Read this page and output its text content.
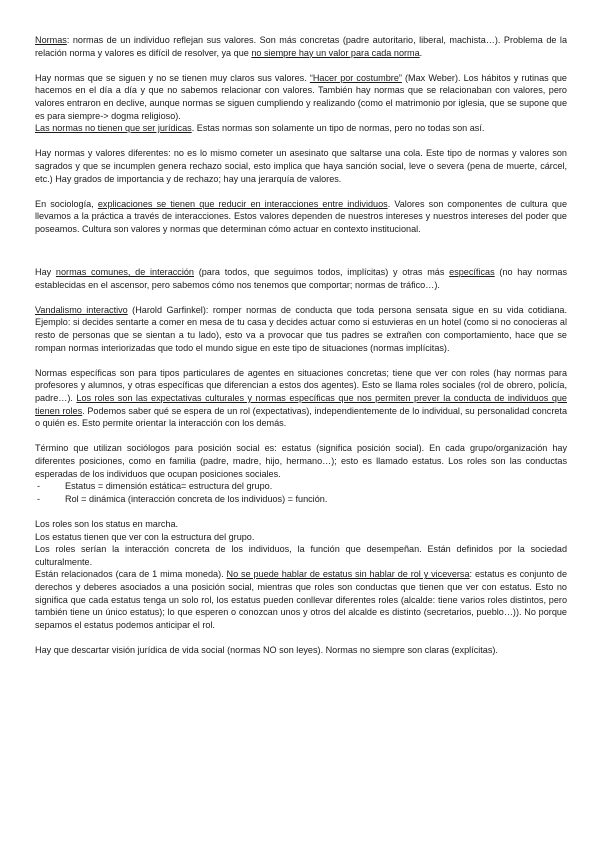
Normas: normas de un individuo reflejan sus valores. Son más concretas (padre autoritario, liberal, machista…). Problema de la relación norma y valores es difícil de resolver, ya que no siempre hay un valor para cada norma.

Hay normas que se siguen y no se tienen muy claros sus valores. “Hacer por costumbre” (Max Weber). Los hábitos y rutinas que hacemos en el día a día y que no sabemos relacionar con valores. También hay normas que se relacionaban con valores, pero valores entraron en declive, aunque normas se siguen cumpliendo y realizando (como el matrimonio por iglesia, que se supone que es para siempre-> dogma religioso).
Las normas no tienen que ser jurídicas. Estas normas son solamente un tipo de normas, pero no todas son así.

Hay normas y valores diferentes: no es lo mismo cometer un asesinato que saltarse una cola. Este tipo de normas y valores son sagrados y que se incumplen genera rechazo social, esto implica que haya sanción social, leve o severa (pena de muerte, cárcel, etc.) Hay grados de importancia y de rechazo; hay una jerarquía de valores.

En sociología, explicaciones se tienen que reducir en interacciones entre individuos. Valores son componentes de cultura que llevamos a la práctica a través de interacciones. Estos valores dependen de nuestros intereses y nuestros intereses del poder que poseamos. Cultura son valores y normas que determinan cómo actuar en contexto institucional.

Hay normas comunes, de interacción (para todos, que seguimos todos, implícitas) y otras más específicas (no hay normas establecidas en el ascensor, pero sabemos cómo nos tenemos que comportar; normas de tráfico…).

Vandalismo interactivo (Harold Garfinkel): romper normas de conducta que toda persona sensata sigue en su vida cotidiana. Ejemplo: si decides sentarte a comer en mesa de tu casa y decides actuar como si estuvieras en un hotel (como si no conocieras al resto de personas que se sientan a tu lado), esto va a provocar que tus padres se extrañen con comportamiento, hace que se rompan normas interiorizadas que todo el mundo sigue en este tipo de situaciones (normas implícitas).

Normas específicas son para tipos particulares de agentes en situaciones concretas; tiene que ver con roles (hay normas para profesores y alumnos, y otras específicas que diferencian a estos dos agentes). Esto se llama roles sociales (rol de obrero, policía, padre…). Los roles son las expectativas culturales y normas específicas que nos permiten prever la conducta de individuos que tienen roles. Podemos saber qué se espera de un rol (expectativas), independientemente de lo individual, su personalidad concreta o quién es. Esto permite orientar la interacción con los demás.

Término que utilizan sociólogos para posición social es: estatus (significa posición social). En cada grupo/organización hay diferentes posiciones, como en familia (padre, madre, hijo, hermano…); esto es llamado estatus. Los roles son las conductas esperadas de los individuos que ocupan posiciones sociales.

- Estatus = dimensión estática= estructura del grupo.
- Rol = dinámica (interacción concreta de los individuos) = función.

Los roles son los status en marcha.

Los estatus tienen que ver con la estructura del grupo.

Los roles serían la interacción concreta de los individuos, la función que desempeñan. Están definidos por la sociedad culturalmente.

Están relacionados (cara de 1 mima moneda). No se puede hablar de estatus sin hablar de rol y viceversa: estatus es conjunto de derechos y deberes asociados a una posición social, mientras que roles son conductas que tienen que ver con estatus. Esto no significa que cada estatus tenga un solo rol, los estatus pueden conllevar diferentes roles (alcalde: tiene varios roles distintos, pero también tiene un único estatus); lo que esperen o conozcan unos y otros del alcalde es distinto (secretarios, pueblo…)). No porque sepamos el estatus podemos anticipar el rol.

Hay que descartar visión jurídica de vida social (normas NO son leyes). Normas no siempre son claras (explícitas).
